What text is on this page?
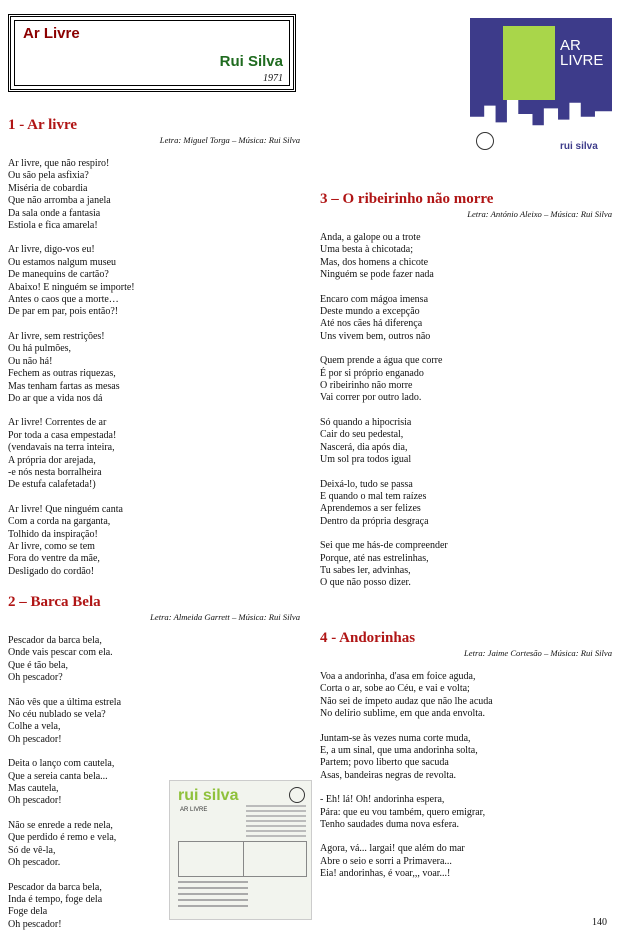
Ar Livre
Rui Silva
1971
AR
LIVRE
rui silva
1 - Ar livre
Letra: Miguel Torga – Música: Rui Silva
Ar livre, que não respiro!
Ou são pela asfixia?
Miséria de cobardia
Que não arromba a janela
Da sala onde a fantasia
Estiola e fica amarela!
Ar livre, digo-vos eu!
Ou estamos nalgum museu
De manequins de cartão?
Abaixo! E ninguém se importe!
Antes o caos que a morte…
De par em par, pois então?!
Ar livre, sem restrições!
Ou há pulmões,
Ou não há!
Fechem as outras riquezas,
Mas tenham fartas as mesas
Do ar que a vida nos dá
Ar livre! Correntes de ar
Por toda a casa empestada!
(vendavais na terra inteira,
A própria dor arejada,
-e nós nesta borralheira
De estufa calafetada!)
Ar livre! Que ninguém canta
Com a corda na garganta,
Tolhido da inspiração!
Ar livre, como se tem
Fora do ventre da mãe,
Desligado do cordão!
2 – Barca Bela
Letra: Almeida Garrett – Música: Rui Silva
Pescador da barca bela,
Onde vais pescar com ela.
Que é tão bela,
Oh pescador?
Não vês que a última estrela
No céu nublado se vela?
Colhe a vela,
Oh pescador!
Deita o lanço com cautela,
Que a sereia canta bela...
Mas cautela,
Oh pescador!
Não se enrede a rede nela,
Que perdido é remo e vela,
Só de vê-la,
Oh pescador.
Pescador da barca bela,
Inda é tempo, foge dela
Foge dela
Oh pescador!
rui silva
AR LIVRE
3 – O ribeirinho não morre
Letra: António Aleixo – Música: Rui Silva
Anda, a galope ou a trote
Uma besta à chicotada;
Mas, dos homens a chicote
Ninguém se pode fazer nada
Encaro com mágoa imensa
Deste mundo a excepção
Até nos cães há diferença
Uns vivem bem, outros não
Quem prende a água que corre
É por si próprio enganado
O ribeirinho não morre
Vai correr por outro lado.
Só quando a hipocrisia
Cair do seu pedestal,
Nascerá, dia após dia,
Um sol pra todos igual
Deixá-lo, tudo se passa
E quando o mal tem raízes
Aprendemos a ser felizes
Dentro da própria desgraça
Sei que me hás-de compreender
Porque, até nas estrelinhas,
Tu sabes ler, advinhas,
O que não posso dizer.
4 - Andorinhas
Letra: Jaime Cortesão – Música: Rui Silva
Voa a andorinha, d'asa em foice aguda,
Corta o ar, sobe ao Céu, e vai e volta;
Não sei de ímpeto audaz que não lhe acuda
No delírio sublime, em que anda envolta.
Juntam-se às vezes numa corte muda,
E, a um sinal, que uma andorinha solta,
Partem; povo liberto que sacuda
Asas, bandeiras negras de revolta.
- Eh! lá! Oh! andorinha espera,
Pára: que eu vou também, quero emigrar,
Tenho saudades duma nova esfera.
Agora, vá... largai! que além do mar
Abre o seio e sorri a Primavera...
Eia! andorinhas, é voar,,, voar...!
140
